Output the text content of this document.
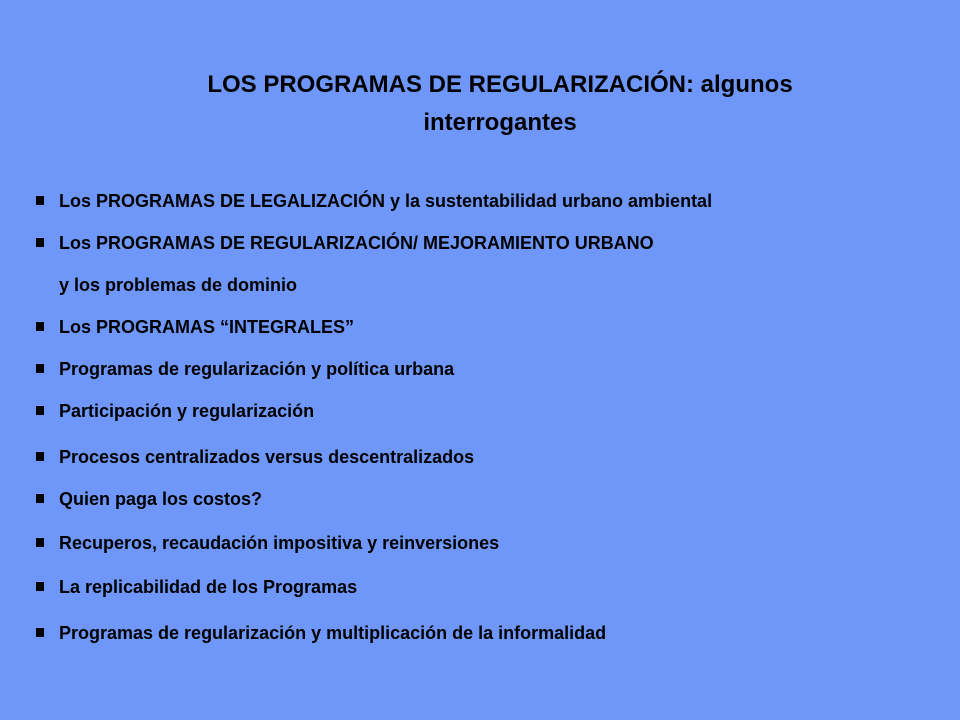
LOS PROGRAMAS DE REGULARIZACIÓN: algunos
interrogantes
Los PROGRAMAS DE LEGALIZACIÓN y la sustentabilidad urbano ambiental
Los PROGRAMAS DE REGULARIZACIÓN/ MEJORAMIENTO URBANO
y los problemas de dominio
Los PROGRAMAS “INTEGRALES”
Programas de regularización y política urbana
Participación y regularización
Procesos centralizados versus descentralizados
Quien paga los costos?
Recuperos, recaudación impositiva y reinversiones
La replicabilidad de los Programas
Programas de regularización y multiplicación de la informalidad
